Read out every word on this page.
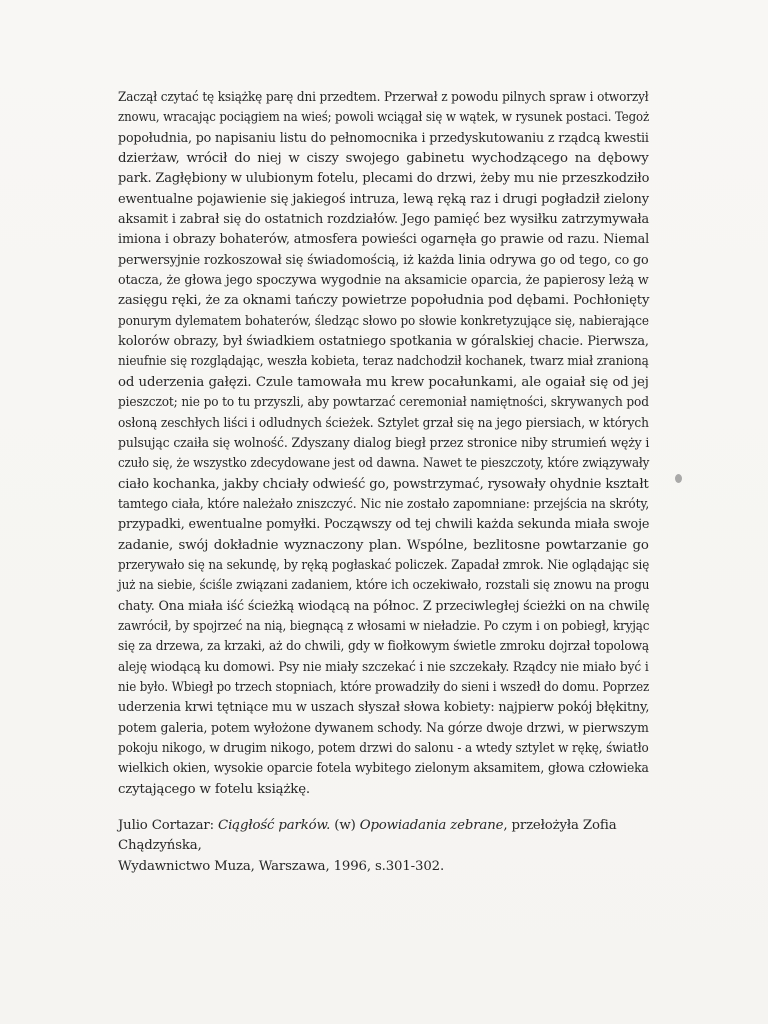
Zaczął czytać tę książkę parę dni przedtem. Przerwał z powodu pilnych spraw i otworzył
znowu, wracając pociągiem na wieś; powoli wciągał się w wątek, w rysunek postaci. Tegoż
popołudnia, po napisaniu listu do pełnomocnika i przedyskutowaniu z rządcą kwestii
dzierżaw, wrócił do niej w ciszy swojego gabinetu wychodzącego na dębowy
park. Zagłębiony w ulubionym fotelu, plecami do drzwi, żeby mu nie przeszkodziło
ewentualne pojawienie się jakiegoś intruza, lewą ręką raz i drugi pogładził zielony
aksamit i zabrał się do ostatnich rozdziałów. Jego pamięć bez wysiłku zatrzymywała
imiona i obrazy bohaterów, atmosfera powieści ogarnęła go prawie od razu. Niemal
perwersyjnie rozkoszował się świadomością, iż każda linia odrywa go od tego, co go
otacza, że głowa jego spoczywa wygodnie na aksamicie oparcia, że papierosy leżą w
zasięgu ręki, że za oknami tańczy powietrze popołudnia pod dębami. Pochłonięty
ponurym dylematem bohaterów, śledząc słowo po słowie konkretyzujące się, nabierające
kolorów obrazy, był świadkiem ostatniego spotkania w góralskiej chacie. Pierwsza,
nieufnie się rozglądając, weszła kobieta, teraz nadchodził kochanek, twarz miał zranioną
od uderzenia gałęzi. Czule tamowała mu krew pocałunkami, ale ogaiał się od jej
pieszczot; nie po to tu przyszli, aby powtarzać ceremoniał namiętności, skrywanych pod
osłoną zeschłych liści i odludnych ścieżek. Sztylet grzał się na jego piersiach, w których
pulsując czaiła się wolność. Zdyszany dialog biegł przez stronice niby strumień węży i
czuło się, że wszystko zdecydowane jest od dawna. Nawet te pieszczoty, które związywały
ciało kochanka, jakby chciały odwieść go, powstrzymać, rysowały ohydnie kształt
tamtego ciała, które należało zniszczyć. Nic nie zostało zapomniane: przejścia na skróty,
przypadki, ewentualne pomyłki. Począwszy od tej chwili każda sekunda miała swoje
zadanie, swój dokładnie wyznaczony plan. Wspólne, bezlitosne powtarzanie go
przerywało się na sekundę, by ręką pogłaskać policzek. Zapadał zmrok. Nie oglądając się
już na siebie, ściśle związani zadaniem, które ich oczekiwało, rozstali się znowu na progu
chaty. Ona miała iść ścieżką wiodącą na północ. Z przeciwległej ścieżki on na chwilę
zawrócił, by spojrzeć na nią, biegnącą z włosami w nieładzie. Po czym i on pobiegł, kryjąc
się za drzewa, za krzaki, aż do chwili, gdy w fiołkowym świetle zmroku dojrzał topolową
aleję wiodącą ku domowi. Psy nie miały szczekać i nie szczekały. Rządcy nie miało być i
nie było. Wbiegł po trzech stopniach, które prowadziły do sieni i wszedł do domu. Poprzez
uderzenia krwi tętniące mu w uszach słyszał słowa kobiety: najpierw pokój błękitny,
potem galeria, potem wyłożone dywanem schody. Na górze dwoje drzwi, w pierwszym
pokoju nikogo, w drugim nikogo, potem drzwi do salonu - a wtedy sztylet w rękę, światło
wielkich okien, wysokie oparcie fotela wybitego zielonym aksamitem, głowa człowieka
czytającego w fotelu książkę.

Julio Cortazar: Ciągłość parków. (w) Opowiadania zebrane, przełożyła Zofia Chądzyńska,
Wydawnictwo Muza, Warszawa, 1996, s.301-302.
